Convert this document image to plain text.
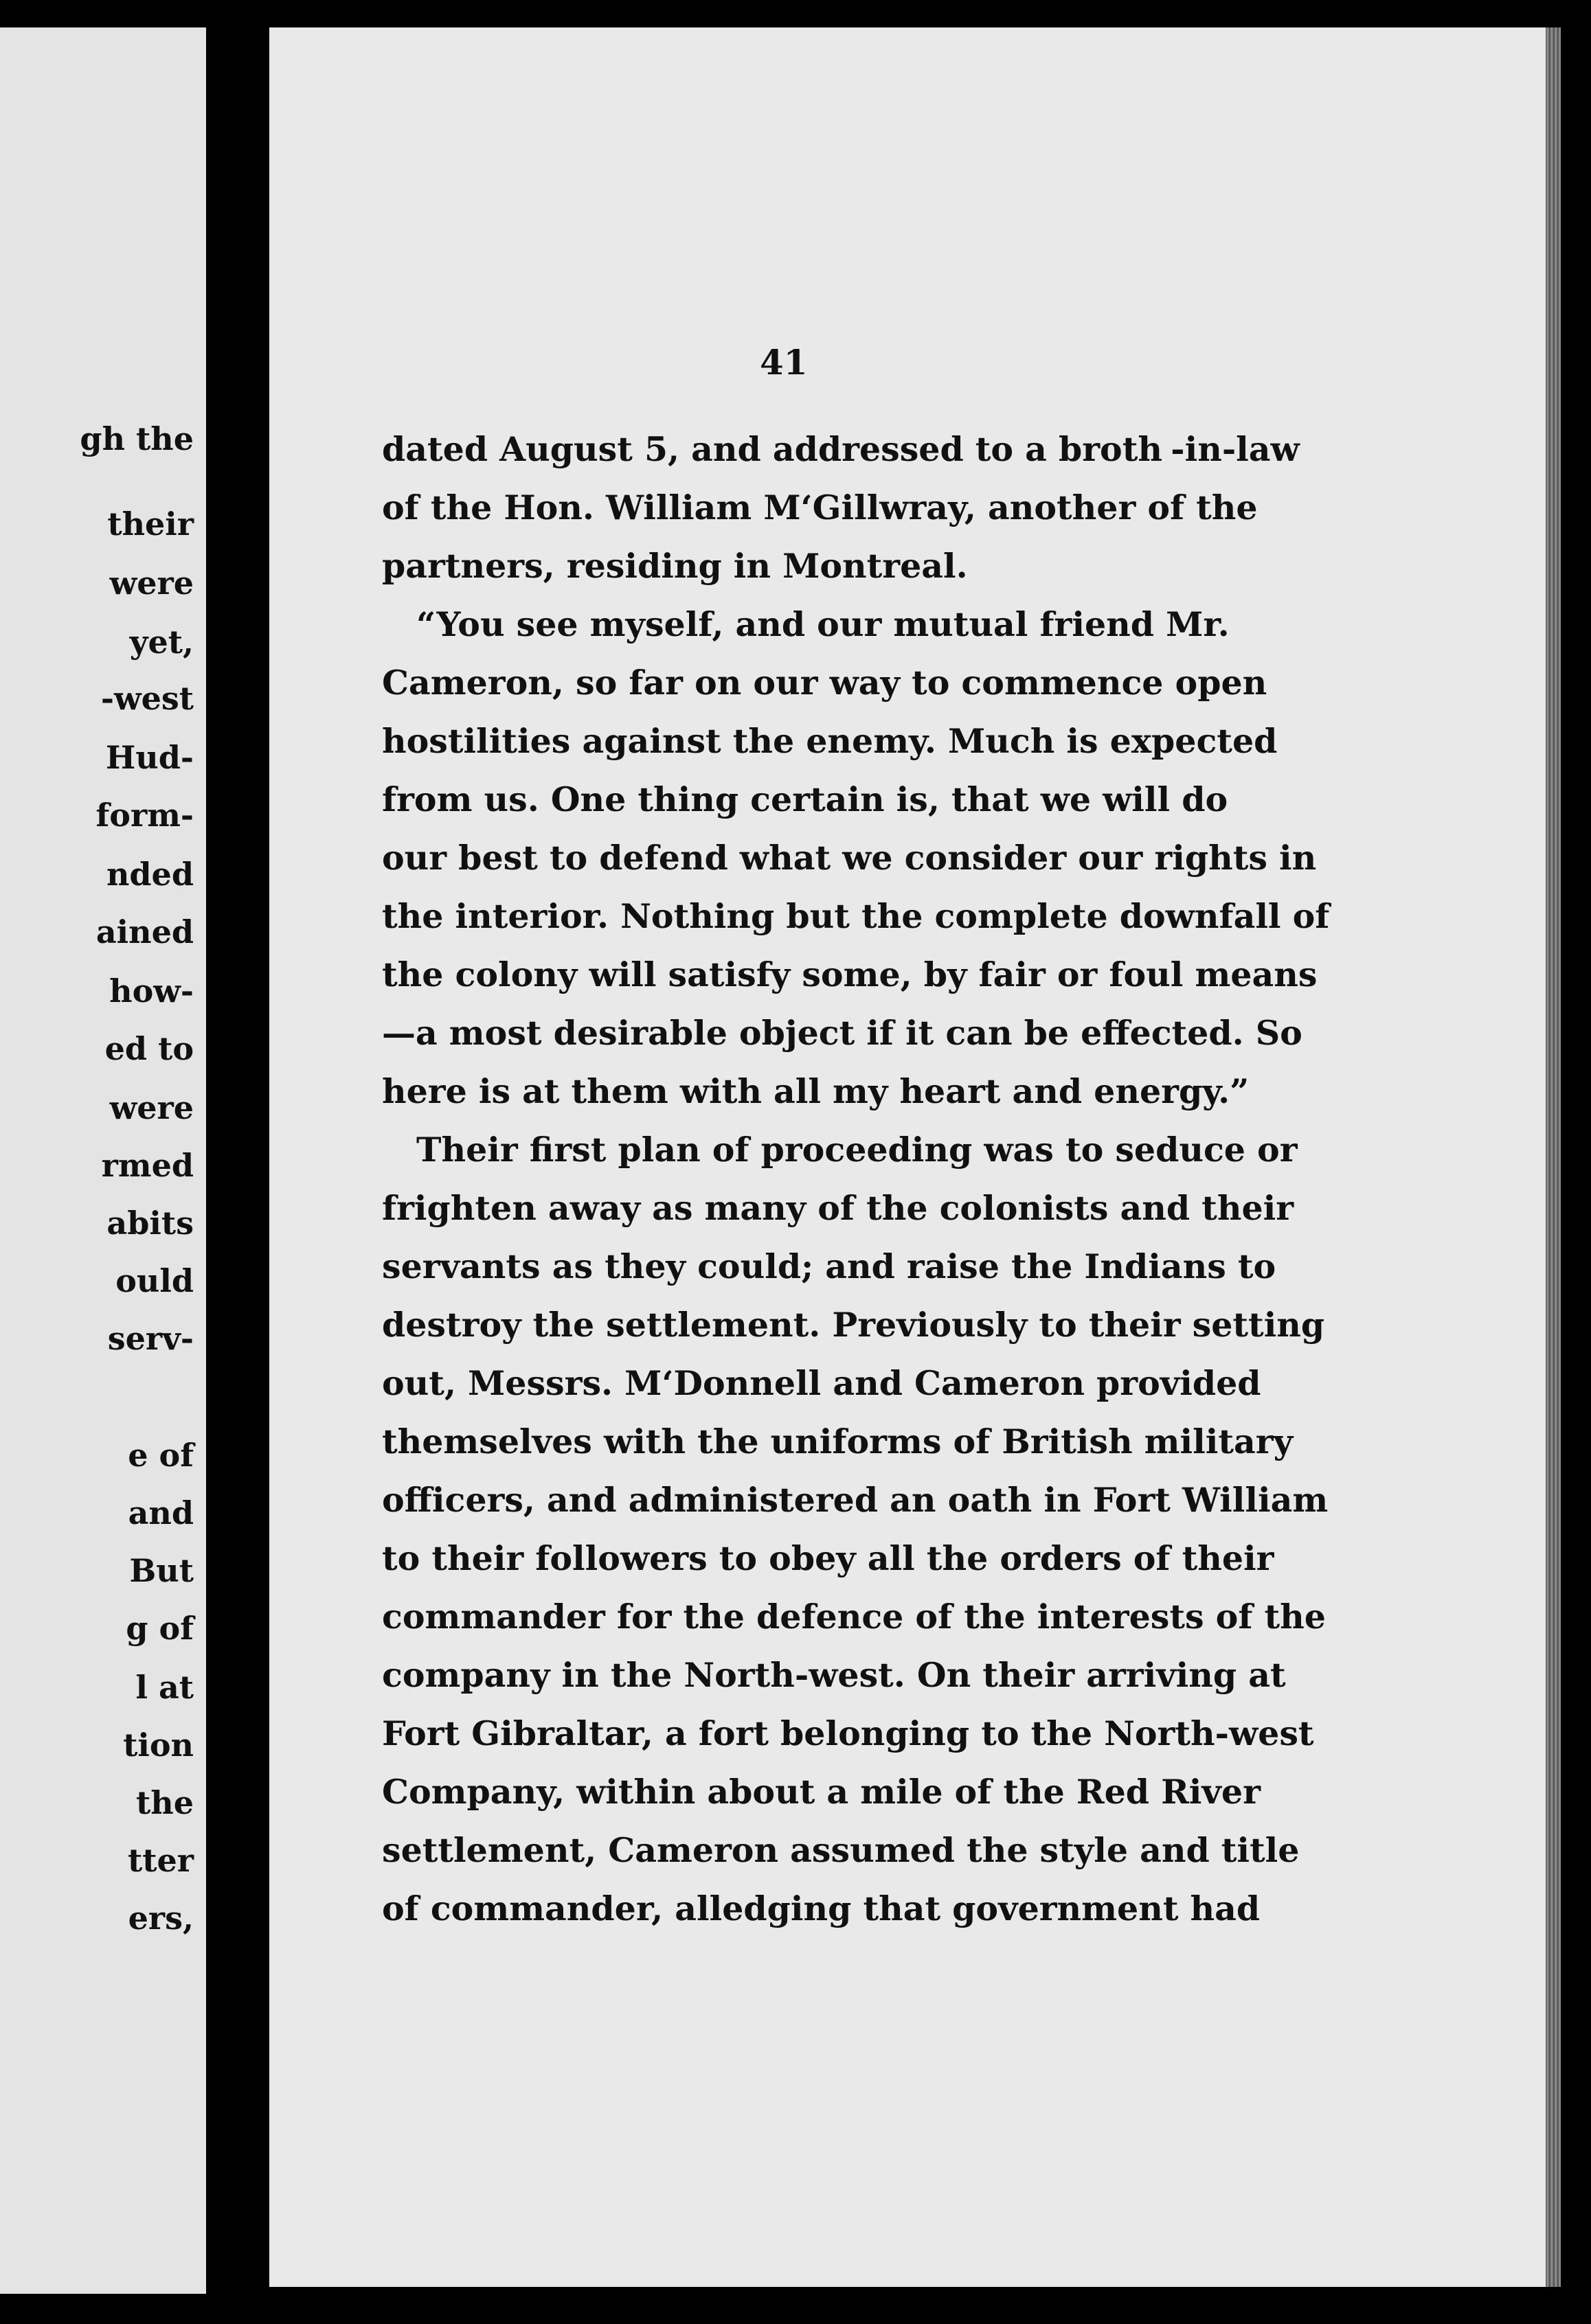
gh the
their
were
yet,
-west
Hud-
form-
nded
ained
how-
ed to
were
rmed
abits
ould
serv-
e of
and
But
g of
l at
tion
the
tter
ers,
41
dated August 5, and addressed to a broth -in-law
of the Hon. William M‘Gillwray, another of the
partners, residing in Montreal.
“You see myself, and our mutual friend Mr.
Cameron, so far on our way to commence open
hostilities against the enemy. Much is expected
from us. One thing certain is, that we will do
our best to defend what we consider our rights in
the interior. Nothing but the complete downfall of
the colony will satisfy some, by fair or foul means
—a most desirable object if it can be effected. So
here is at them with all my heart and energy.”
Their first plan of proceeding was to seduce or
frighten away as many of the colonists and their
servants as they could; and raise the Indians to
destroy the settlement. Previously to their setting
out, Messrs. M‘Donnell and Cameron provided
themselves with the uniforms of British military
officers, and administered an oath in Fort William
to their followers to obey all the orders of their
commander for the defence of the interests of the
company in the North-west. On their arriving at
Fort Gibraltar, a fort belonging to the North-west
Company, within about a mile of the Red River
settlement, Cameron assumed the style and title
of commander, alledging that government had
